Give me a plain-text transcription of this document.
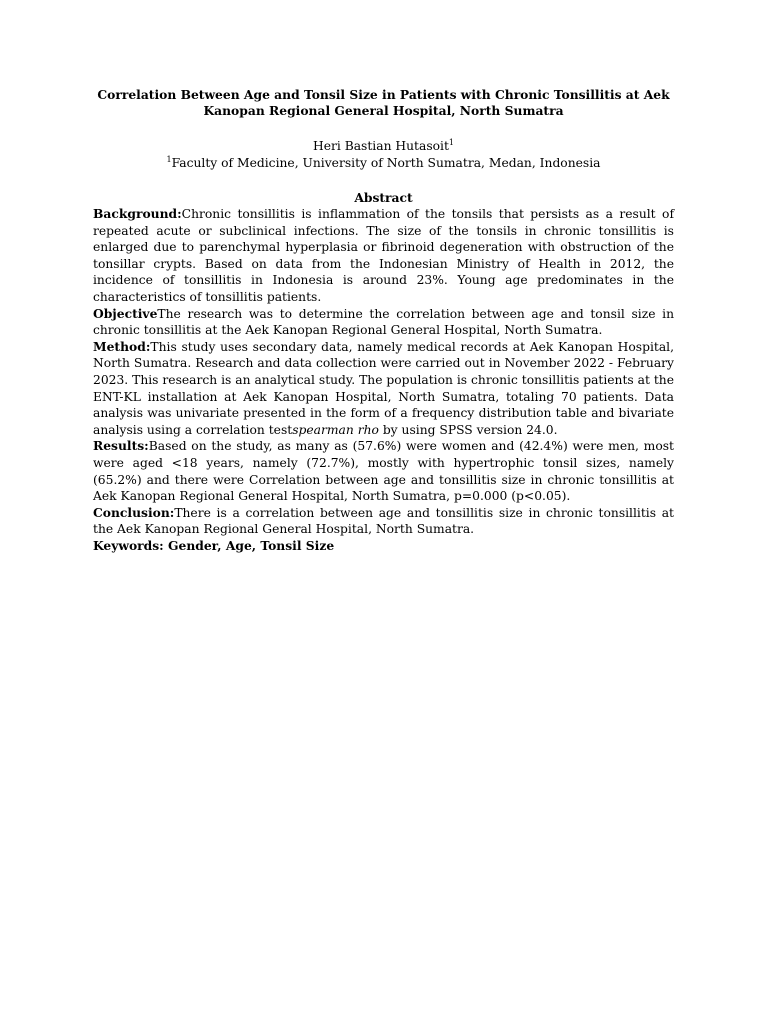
Correlation Between Age and Tonsil Size in Patients with Chronic Tonsillitis at Aek
Kanopan Regional General Hospital, North Sumatra
Heri Bastian Hutasoit$^1$
$^1$Faculty of Medicine, University of North Sumatra, Medan, Indonesia
Abstract

Background:Chronic tonsillitis is inflammation of the tonsils that persists as a result of repeated acute or subclinical infections. The size of the tonsils in chronic tonsillitis is enlarged due to parenchymal hyperplasia or fibrinoid degeneration with obstruction of the tonsillar crypts. Based on data from the Indonesian Ministry of Health in 2012, the incidence of tonsillitis in Indonesia is around 23%. Young age predominates in the characteristics of tonsillitis patients.

ObjectiveThe research was to determine the correlation between age and tonsil size in chronic tonsillitis at the Aek Kanopan Regional General Hospital, North Sumatra.

Method:This study uses secondary data, namely medical records at Aek Kanopan Hospital, North Sumatra. Research and data collection were carried out in November 2022 - February 2023. This research is an analytical study. The population is chronic tonsillitis patients at the ENT-KL installation at Aek Kanopan Hospital, North Sumatra, totaling 70 patients. Data analysis was univariate presented in the form of a frequency distribution table and bivariate analysis using a correlation testspearman rho by using SPSS version 24.0.

Results:Based on the study, as many as (57.6%) were women and (42.4%) were men, most were aged <18 years, namely (72.7%), mostly with hypertrophic tonsil sizes, namely (65.2%) and there were Correlation between age and tonsillitis size in chronic tonsillitis at Aek Kanopan Regional General Hospital, North Sumatra, p=0.000 (p<0.05).

Conclusion:There is a correlation between age and tonsillitis size in chronic tonsillitis at the Aek Kanopan Regional General Hospital, North Sumatra.

Keywords: Gender, Age, Tonsil Size
